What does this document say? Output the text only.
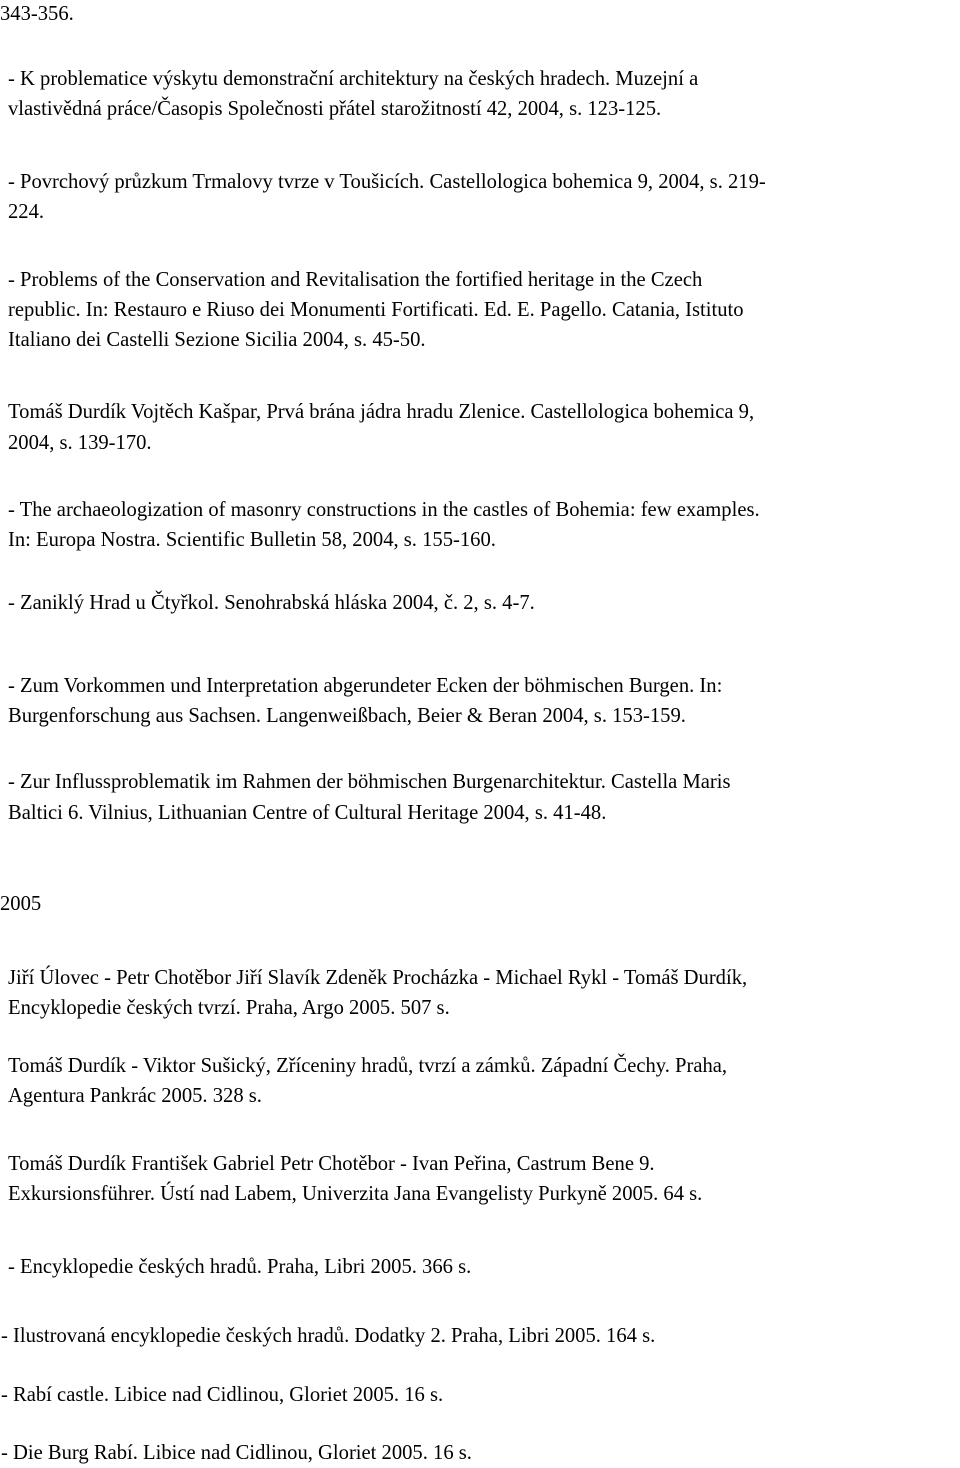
343-356.
- K problematice výskytu demonstrační architektury na českých hradech. Muzejní a
vlastivědná práce/Časopis Společnosti přátel starožitností 42, 2004, s. 123-125.
- Povrchový průzkum Trmalovy tvrze v Toušicích. Castellologica bohemica 9, 2004, s. 219-
224.
- Problems of the Conservation and Revitalisation the fortified heritage in the Czech
republic. In: Restauro e Riuso dei Monumenti Fortificati. Ed. E. Pagello. Catania, Istituto
Italiano dei Castelli Sezione Sicilia 2004, s. 45-50.
Tomáš Durdík Vojtěch Kašpar, Prvá brána jádra hradu Zlenice. Castellologica bohemica 9,
2004, s. 139-170.
- The archaeologization of masonry constructions in the castles of Bohemia: few examples.
In: Europa Nostra. Scientific Bulletin 58, 2004, s. 155-160.
- Zaniklý Hrad u Čtyřkol. Senohrabská hláska 2004, č. 2, s. 4-7.
- Zum Vorkommen und Interpretation abgerundeter Ecken der böhmischen Burgen. In:
Burgenforschung aus Sachsen. Langenweißbach, Beier & Beran 2004, s. 153-159.
- Zur Influssproblematik im Rahmen der böhmischen Burgenarchitektur. Castella Maris
Baltici 6. Vilnius, Lithuanian Centre of Cultural Heritage 2004, s. 41-48.
2005
Jiří Úlovec - Petr Chotěbor Jiří Slavík Zdeněk Procházka - Michael Rykl - Tomáš Durdík,
Encyklopedie českých tvrzí. Praha, Argo 2005. 507 s.
Tomáš Durdík - Viktor Sušický, Zříceniny hradů, tvrzí a zámků. Západní Čechy. Praha,
Agentura Pankrác 2005. 328 s.
Tomáš Durdík František Gabriel Petr Chotěbor - Ivan Peřina, Castrum Bene 9.
Exkursionsführer. Ústí nad Labem, Univerzita Jana Evangelisty Purkyně 2005. 64 s.
- Encyklopedie českých hradů. Praha, Libri 2005. 366 s.
- Ilustrovaná encyklopedie českých hradů. Dodatky 2. Praha, Libri 2005. 164 s.
- Rabí castle. Libice nad Cidlinou, Gloriet 2005. 16 s.
- Die Burg Rabí. Libice nad Cidlinou, Gloriet 2005. 16 s.
